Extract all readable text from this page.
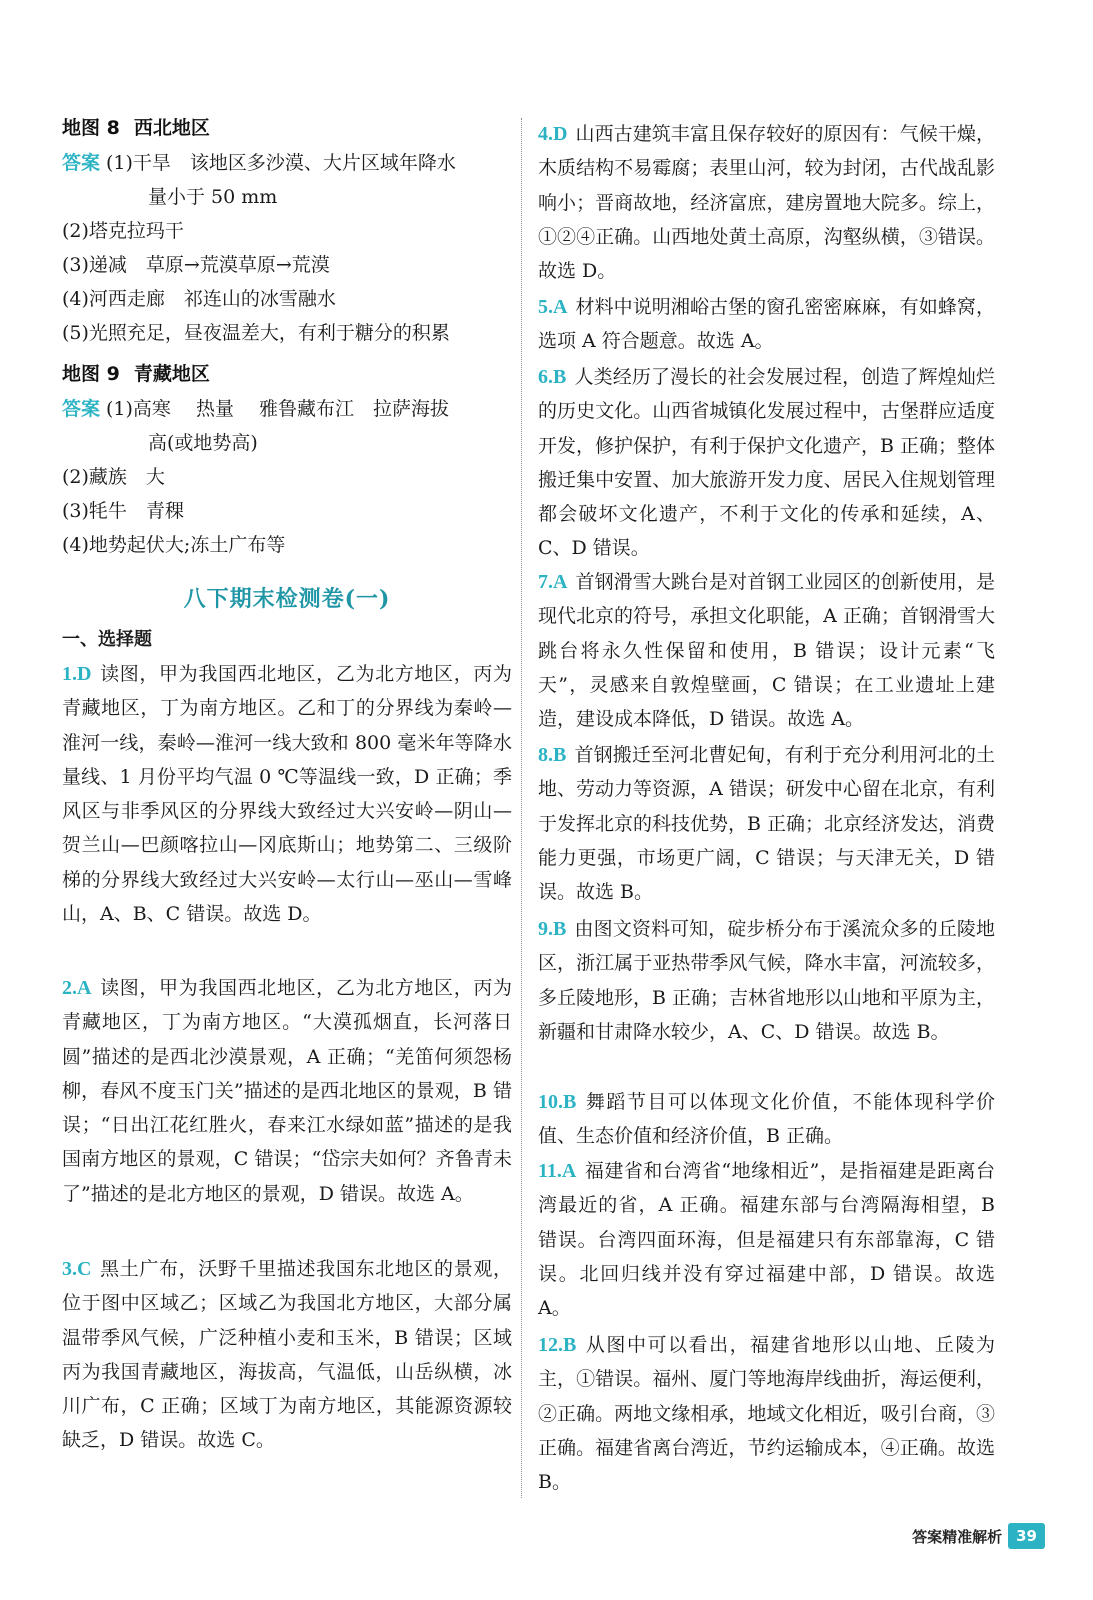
地图 8 西北地区
答案 (1)干旱　该地区多沙漠、大片区域年降水
量小于 50 mm
(2)塔克拉玛干
(3)递减　草原→荒漠草原→荒漠
(4)河西走廊　祁连山的冰雪融水
(5)光照充足，昼夜温差大，有利于糖分的积累
地图 9 青藏地区
答案 (1)高寒　 热量　 雅鲁藏布江　拉萨海拔
高(或地势高)
(2)藏族　大
(3)牦牛　青稞
(4)地势起伏大;冻土广布等
八下期末检测卷(一)
一、选择题

1.D 读图，甲为我国西北地区，乙为北方地区，丙为青藏地区，丁为南方地区。乙和丁的分界线为秦岭—淮河一线，秦岭—淮河一线大致和 800 毫米年等降水量线、1 月份平均气温 0 ℃等温线一致，D 正确；季风区与非季风区的分界线大致经过大兴安岭—阴山—贺兰山—巴颜喀拉山—冈底斯山；地势第二、三级阶梯的分界线大致经过大兴安岭—太行山—巫山—雪峰山，A、B、C 错误。故选 D。

2.A 读图，甲为我国西北地区，乙为北方地区，丙为青藏地区，丁为南方地区。“大漠孤烟直，长河落日圆”描述的是西北沙漠景观，A 正确；“羌笛何须怨杨柳，春风不度玉门关”描述的是西北地区的景观，B 错误；“日出江花红胜火，春来江水绿如蓝”描述的是我国南方地区的景观，C 错误；“岱宗夫如何？齐鲁青未了”描述的是北方地区的景观，D 错误。故选 A。

3.C 黑土广布，沃野千里描述我国东北地区的景观，位于图中区域乙；区域乙为我国北方地区，大部分属温带季风气候，广泛种植小麦和玉米，B 错误；区域丙为我国青藏地区，海拔高，气温低，山岳纵横，冰川广布，C 正确；区域丁为南方地区，其能源资源较缺乏，D 错误。故选 C。

4.D 山西古建筑丰富且保存较好的原因有：气候干燥，木质结构不易霉腐；表里山河，较为封闭，古代战乱影响小；晋商故地，经济富庶，建房置地大院多。综上，①②④正确。山西地处黄土高原，沟壑纵横，③错误。故选 D。

5.A 材料中说明湘峪古堡的窗孔密密麻麻，有如蜂窝，选项 A 符合题意。故选 A。

6.B 人类经历了漫长的社会发展过程，创造了辉煌灿烂的历史文化。山西省城镇化发展过程中，古堡群应适度开发，修护保护，有利于保护文化遗产，B 正确；整体搬迁集中安置、加大旅游开发力度、居民入住规划管理都会破坏文化遗产，不利于文化的传承和延续，A、C、D 错误。

7.A 首钢滑雪大跳台是对首钢工业园区的创新使用，是现代北京的符号，承担文化职能，A 正确；首钢滑雪大跳台将永久性保留和使用，B 错误；设计元素“飞天”，灵感来自敦煌壁画，C 错误；在工业遗址上建造，建设成本降低，D 错误。故选 A。

8.B 首钢搬迁至河北曹妃甸，有利于充分利用河北的土地、劳动力等资源，A 错误；研发中心留在北京，有利于发挥北京的科技优势，B 正确；北京经济发达，消费能力更强，市场更广阔，C 错误；与天津无关，D 错误。故选 B。

9.B 由图文资料可知，碇步桥分布于溪流众多的丘陵地区，浙江属于亚热带季风气候，降水丰富，河流较多，多丘陵地形，B 正确；吉林省地形以山地和平原为主，新疆和甘肃降水较少，A、C、D 错误。故选 B。

10.B 舞蹈节目可以体现文化价值，不能体现科学价值、生态价值和经济价值，B 正确。

11.A 福建省和台湾省“地缘相近”，是指福建是距离台湾最近的省，A 正确。福建东部与台湾隔海相望，B 错误。台湾四面环海，但是福建只有东部靠海，C 错误。北回归线并没有穿过福建中部，D 错误。故选 A。

12.B 从图中可以看出，福建省地形以山地、丘陵为主，①错误。福州、厦门等地海岸线曲折，海运便利，②正确。两地文缘相承，地域文化相近，吸引台商，③正确。福建省离台湾近，节约运输成本，④正确。故选 B。

答案精准解析 39
